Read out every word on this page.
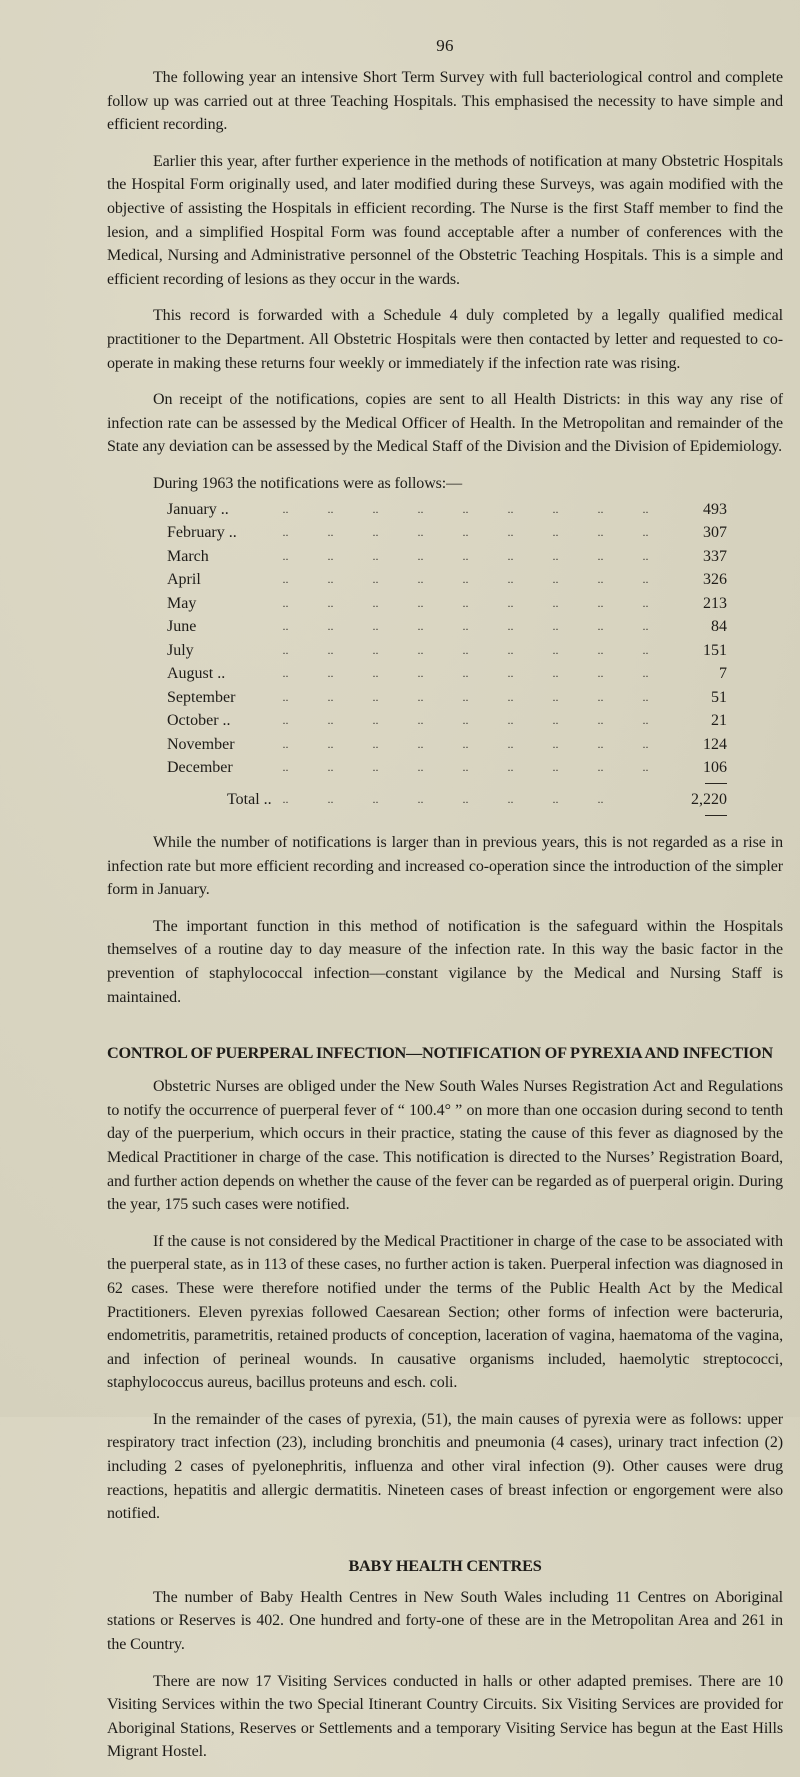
96

The following year an intensive Short Term Survey with full bacteriological control and complete follow up was carried out at three Teaching Hospitals. This emphasised the necessity to have simple and efficient recording.

Earlier this year, after further experience in the methods of notification at many Obstetric Hospitals the Hospital Form originally used, and later modified during these Surveys, was again modified with the objective of assisting the Hospitals in efficient recording. The Nurse is the first Staff member to find the lesion, and a simplified Hospital Form was found acceptable after a number of conferences with the Medical, Nursing and Administrative personnel of the Obstetric Teaching Hospitals. This is a simple and efficient recording of lesions as they occur in the wards.

This record is forwarded with a Schedule 4 duly completed by a legally qualified medical practitioner to the Department. All Obstetric Hospitals were then contacted by letter and requested to co-operate in making these returns four weekly or immediately if the infection rate was rising.

On receipt of the notifications, copies are sent to all Health Districts: in this way any rise of infection rate can be assessed by the Medical Officer of Health. In the Metropolitan and remainder of the State any deviation can be assessed by the Medical Staff of the Division and the Division of Epidemiology.

During 1963 the notifications were as follows:—

January ..	.. .. .. .. .. .. .. .. ..	493
February ..	.. .. .. .. .. .. .. .. ..	307
March	.. .. .. .. .. .. .. .. ..	337
April	.. .. .. .. .. .. .. .. ..	326
May	.. .. .. .. .. .. .. .. ..	213
June	.. .. .. .. .. .. .. .. ..	84
July	.. .. .. .. .. .. .. .. ..	151
August ..	.. .. .. .. .. .. .. .. ..	7
September	.. .. .. .. .. .. .. .. ..	51
October ..	.. .. .. .. .. .. .. .. ..	21
November	.. .. .. .. .. .. .. .. ..	124
December	.. .. .. .. .. .. .. .. ..	106

Total ..	.. .. .. .. .. .. .. ..	2,220

While the number of notifications is larger than in previous years, this is not regarded as a rise in infection rate but more efficient recording and increased co-operation since the introduction of the simpler form in January.

The important function in this method of notification is the safeguard within the Hospitals themselves of a routine day to day measure of the infection rate. In this way the basic factor in the prevention of staphylococcal infection—constant vigilance by the Medical and Nursing Staff is maintained.

CONTROL OF PUERPERAL INFECTION—NOTIFICATION OF PYREXIA AND INFECTION

Obstetric Nurses are obliged under the New South Wales Nurses Registration Act and Regulations to notify the occurrence of puerperal fever of “ 100.4° ” on more than one occasion during second to tenth day of the puerperium, which occurs in their practice, stating the cause of this fever as diagnosed by the Medical Practitioner in charge of the case. This notification is directed to the Nurses’ Registration Board, and further action depends on whether the cause of the fever can be regarded as of puerperal origin. During the year, 175 such cases were notified.

If the cause is not considered by the Medical Practitioner in charge of the case to be associated with the puerperal state, as in 113 of these cases, no further action is taken. Puerperal infection was diagnosed in 62 cases. These were therefore notified under the terms of the Public Health Act by the Medical Practitioners. Eleven pyrexias followed Caesarean Section; other forms of infection were bacteruria, endometritis, parametritis, retained products of conception, laceration of vagina, haematoma of the vagina, and infection of perineal wounds. In causative organisms included, haemolytic streptococci, staphylococcus aureus, bacillus proteuns and esch. coli.

In the remainder of the cases of pyrexia, (51), the main causes of pyrexia were as follows: upper respiratory tract infection (23), including bronchitis and pneumonia (4 cases), urinary tract infection (2) including 2 cases of pyelonephritis, influenza and other viral infection (9). Other causes were drug reactions, hepatitis and allergic dermatitis. Nineteen cases of breast infection or engorgement were also notified.

BABY HEALTH CENTRES

The number of Baby Health Centres in New South Wales including 11 Centres on Aboriginal stations or Reserves is 402. One hundred and forty-one of these are in the Metropolitan Area and 261 in the Country.

There are now 17 Visiting Services conducted in halls or other adapted premises. There are 10 Visiting Services within the two Special Itinerant Country Circuits. Six Visiting Services are provided for Aboriginal Stations, Reserves or Settlements and a temporary Visiting Service has begun at the East Hills Migrant Hostel.
